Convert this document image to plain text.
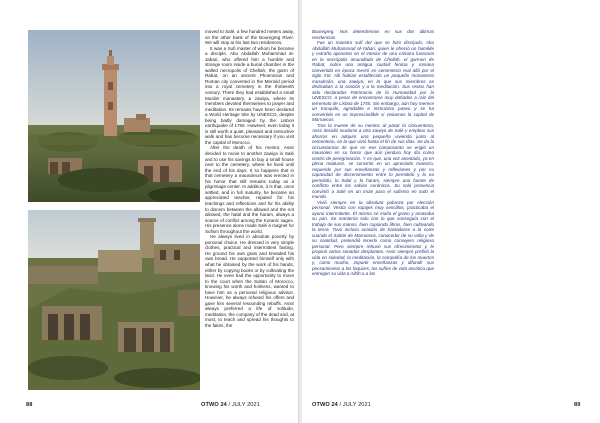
moved to Salé, a few hundred meters away, on the other bank of the Bouregreg River. We will stop at his last two residences.

It was a Sufi master of whom he became a disciple, Abu Abdallah Muhammad al-Jabari, who offered him a humble and strange room inside a burial chamber in the walled necropolis of Chellah, the garm of Rabat, on an ancient Phoenician and Roman city converted in the Merinid period into a royal cemetery in the thirteenth century. There they had established a small Muslim monastery, a zawiya, where its members devoted themselves to prayer and meditation. Its remains have been declared a World Heritage Site by UNESCO, despite being badly damaged by the Lisbon earthquake of 1755. However, even today it is still worth a quiet, pleasant and instructive walk and has become necessary if you visit the capital of Morocco.

After the death of his mentor, Assir decided to move to another zawiya in Salé and to use his savings to buy a small house next to the cemetery, where he lived until the end of his days. It so happens that in that cemetery a mausoleum was erected in his honor that still remains today as a pilgrimage center. In addition, it is that, once settled, and in full maturity, he became an appreciated teacher, reputed for his teachings and reflections and for his ability to discern between the allowed and the not allowed, the halal and the haram, always a source of conflict among the Koranic sages. His presence alone made Salé a magnet for Sufism throughout the world.

He always lived in absolute poverty by personal choice. He dressed in very simple clothes, practical and intermittent fasting. He ground his own grain and kneaded his own bread. He supported himself only with what he obtained by the work of his hands, either by copying books or by cultivating the land. He even had the opportunity to move to the court when the Sultan of Morocco, knowing his worth and holiness, wanted to have him as a personal religious advisor. However, he always refused his offers and gave him several resounding rebuffs. Assir always preferred a life of solitude, meditation, the company of the dead and, at most, to teach and spread his thoughts to the fakirs, the

88	OTWO 24 / JULY 2021

Bouregreg. Nos detendremos en sus dos últimas residencias.

Fue un maestro sufí del que se hizo discípulo, Abu Abdallah Muhammad al-Yabari, quien le ofreció un humilde y extraño aposento en el interior de una cámara funeraria en la necrópolis amurallada de Chellah, el garmen de Rabat, sobre una antigua ciudad fenicia y romana convertida en época meriní en cementerio real allá por el siglo XIII. Allí habían establecido un pequeño monasterio musulmán, una zawiya, en la que sus miembros se dedicaban a la oración y a la meditación. Sus restos han sido declarados Patrimonio de la Humanidad por la UNESCO, a pesar de encontrarse muy dañados a raíz del terremoto de Lisboa de 1755. Sin embargo, aún hoy merece un tranquilo, agradable e instructivo paseo y se ha convertido en un imprescindible si visitamos la capital de Marruecos.

Tras la muerte de su mentor, al pasar la cincuentena, Assir decidió mudarse a otra zawiya de Salé y emplear sus ahorros en adquirir una pequeña vivienda junto al cementerio, en la que vivió hasta el fin de sus días. Se da la circunstancia de que en ese camposanto se erigió un mausoleo en su honor que aún perdura hoy día como centro de peregrinación. Y es que, una vez asentado, ya en plena madurez, se convirtió en un apreciado maestro, requerido por sus enseñanzas y reflexiones y por su capacidad de discernimiento entre lo permitido y lo no permitido, lo halal y lo haram, siempre una fuente de conflicto entre los sabios coránicos. Su sola presencia convirtió a Salé en un imán para el sufismo en todo el mundo.

Vivió siempre en la absoluta pobreza por elección personal. Vestía con ropajes muy sencillos, practicaba el ayuno intermitente. Él mismo se molía el grano y amasaba su pan. Se mantenía solo con lo que conseguía con el trabajo de sus manos, bien copiando libros, bien cultivando la tierra. Tuvo incluso ocasión de trasladarse a la corte cuando el Sultán de Marruecos, conocedor de su valía y de su santidad, pretendió tenerlo como consejero religioso personal. Pero siempre rehusó sus ofrecimientos y le propinó varios sonados desplantes. Assir siempre prefirió la vida en soledad, la meditación, la compañía de los muertos y, como mucho, impartir enseñanzas y difundir sus pensamientos a los faquires, los sufíes de vida ascética que entregan su vida a Alláh o a los

OTWO 24 / JULY 2021	89
